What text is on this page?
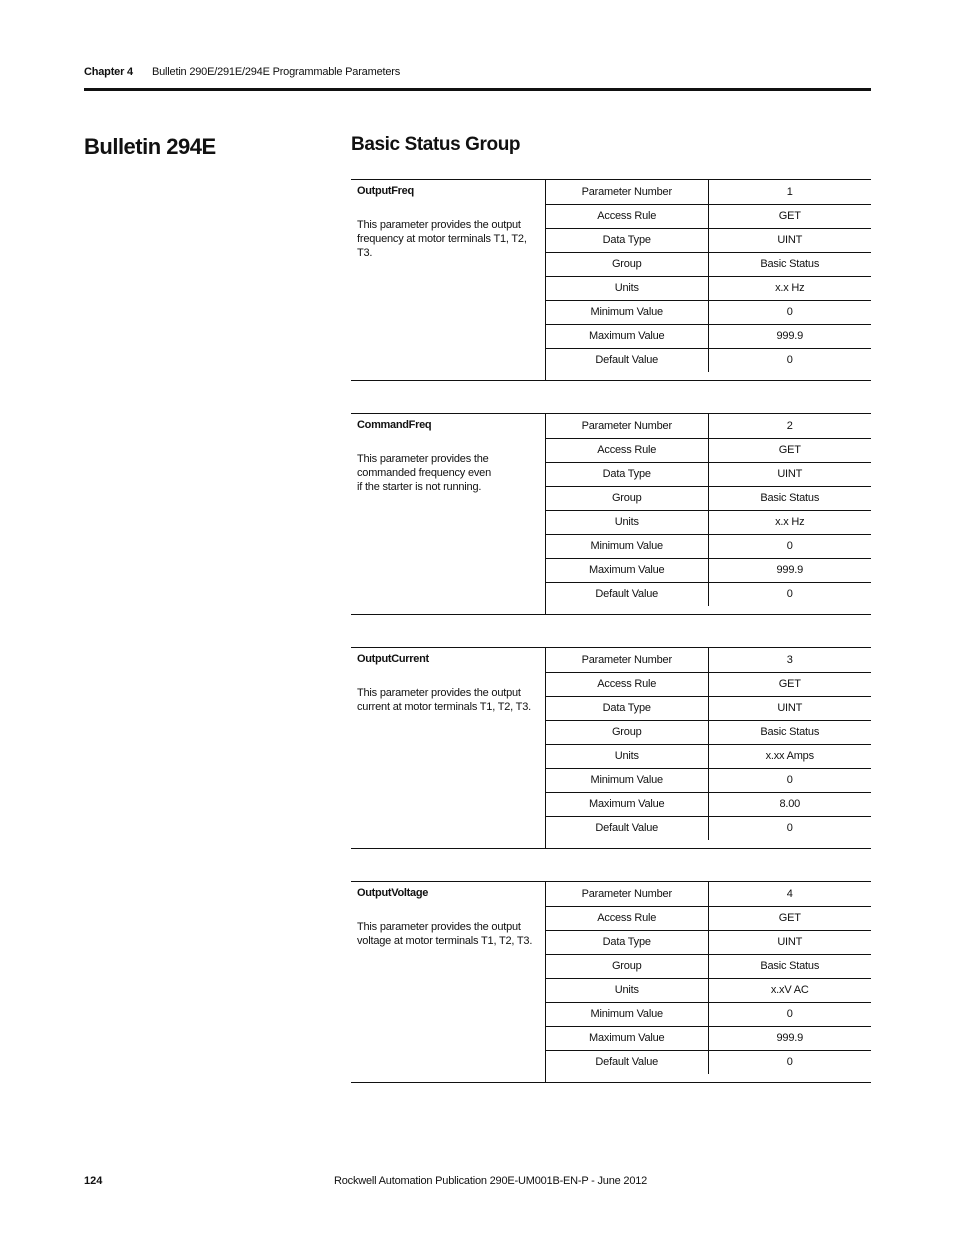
Chapter 4 Bulletin 290E/291E/294E Programmable Parameters
Bulletin 294E	Basic Status Group
OutputFreq
This parameter provides the output
frequency at motor terminals T1, T2, T3.
Parameter Number	1
Access Rule	GET
Data Type	UINT
Group	Basic Status
Units	x.x Hz
Minimum Value	0
Maximum Value	999.9
Default Value	0
CommandFreq
This parameter provides the
commanded frequency even
if the starter is not running.
Parameter Number	2
Access Rule	GET
Data Type	UINT
Group	Basic Status
Units	x.x Hz
Minimum Value	0
Maximum Value	999.9
Default Value	0
OutputCurrent
This parameter provides the output
current at motor terminals T1, T2, T3.
Parameter Number	3
Access Rule	GET
Data Type	UINT
Group	Basic Status
Units	x.xx Amps
Minimum Value	0
Maximum Value	8.00
Default Value	0
OutputVoltage
This parameter provides the output
voltage at motor terminals T1, T2, T3.
Parameter Number	4
Access Rule	GET
Data Type	UINT
Group	Basic Status
Units	x.xV AC
Minimum Value	0
Maximum Value	999.9
Default Value	0
124	Rockwell Automation Publication 290E-UM001B-EN-P - June 2012
